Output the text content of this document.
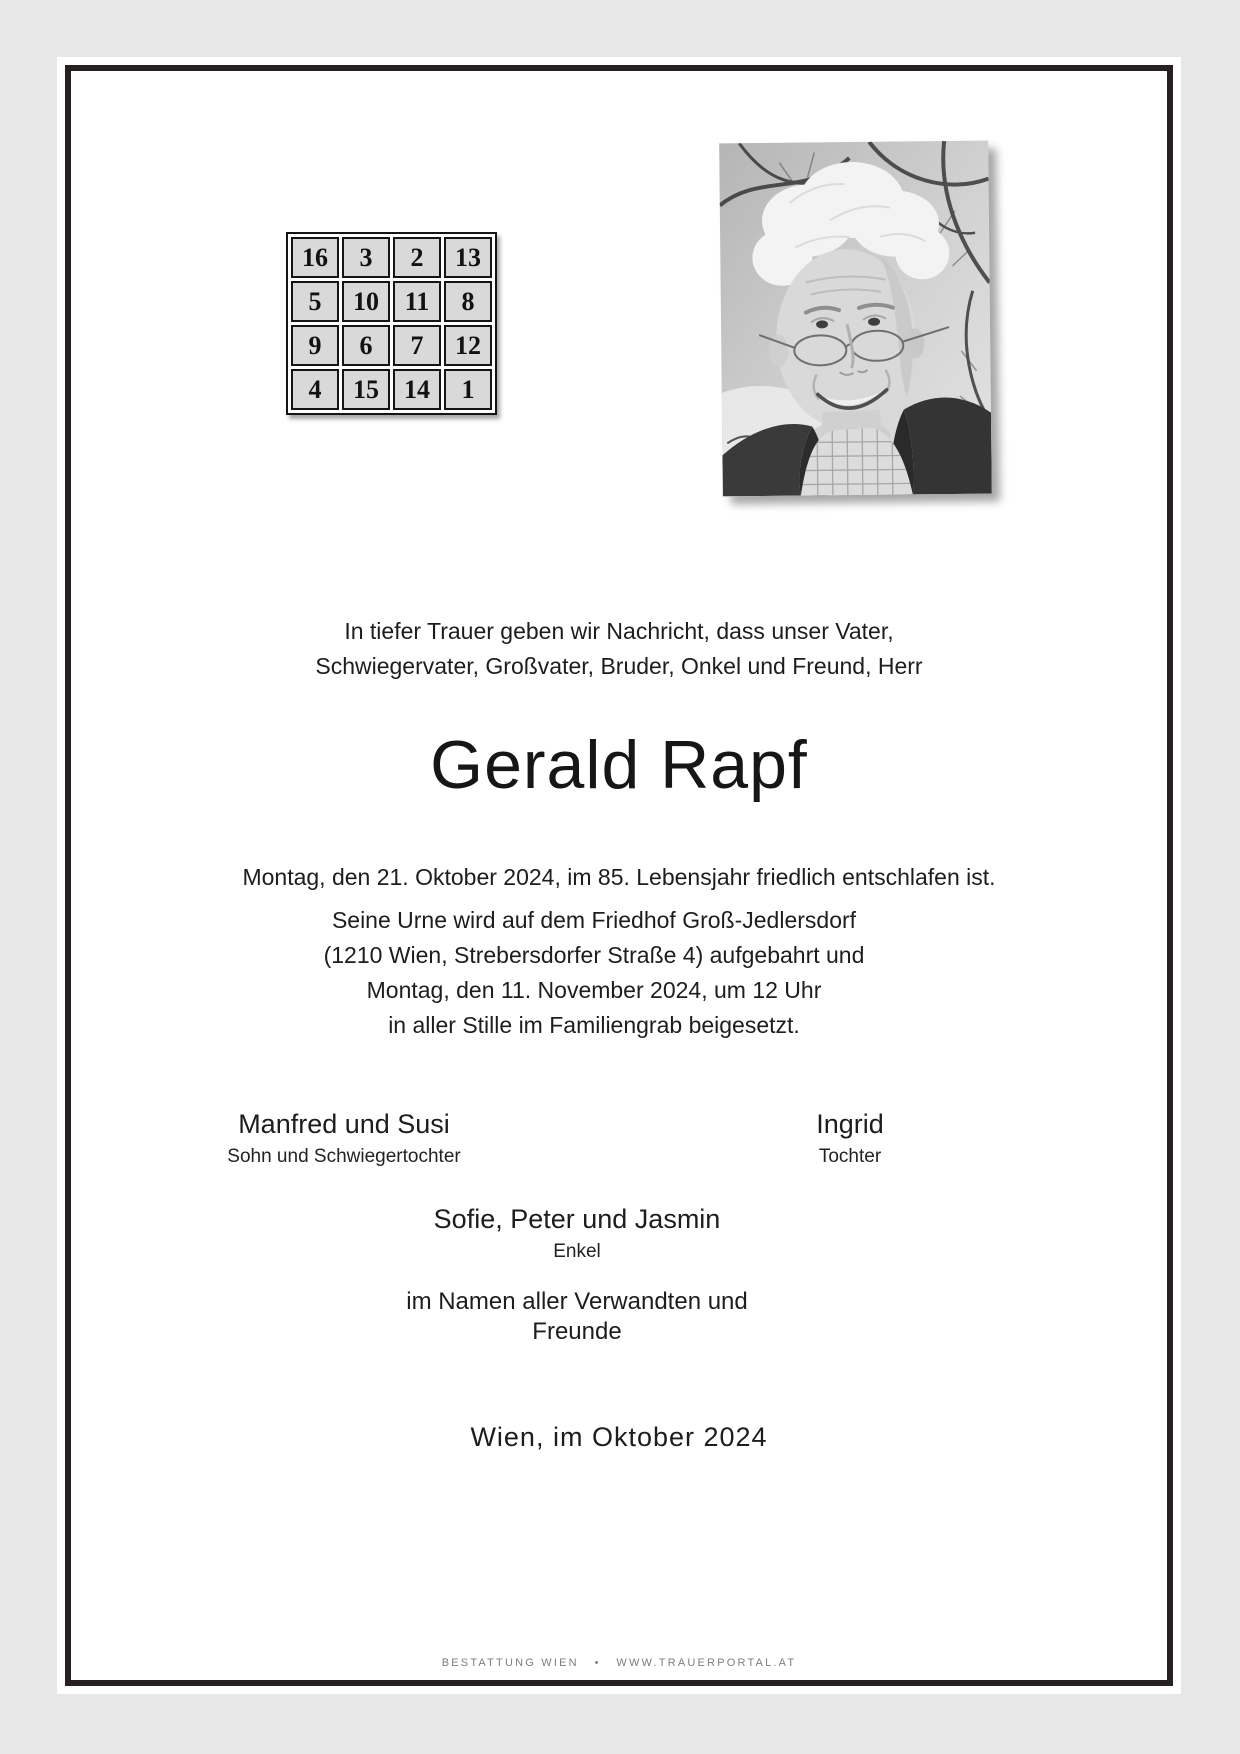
16	3	2	13
5	10	11	8
9	6	7	12
4	15	14	1
In tiefer Trauer geben wir Nachricht, dass unser Vater,
Schwiegervater, Großvater, Bruder, Onkel und Freund, Herr
Gerald Rapf
Montag, den 21. Oktober 2024, im 85. Lebensjahr friedlich entschlafen ist.
Seine Urne wird auf dem Friedhof Groß-Jedlersdorf
(1210 Wien, Strebersdorfer Straße 4) aufgebahrt und
Montag, den 11. November 2024, um 12 Uhr
in aller Stille im Familiengrab beigesetzt.
Manfred und Susi
Sohn und Schwiegertochter
Ingrid
Tochter
Sofie, Peter und Jasmin
Enkel
im Namen aller Verwandten und Freunde
Wien, im Oktober 2024
BESTATTUNG WIEN   •   WWW.TRAUERPORTAL.AT
